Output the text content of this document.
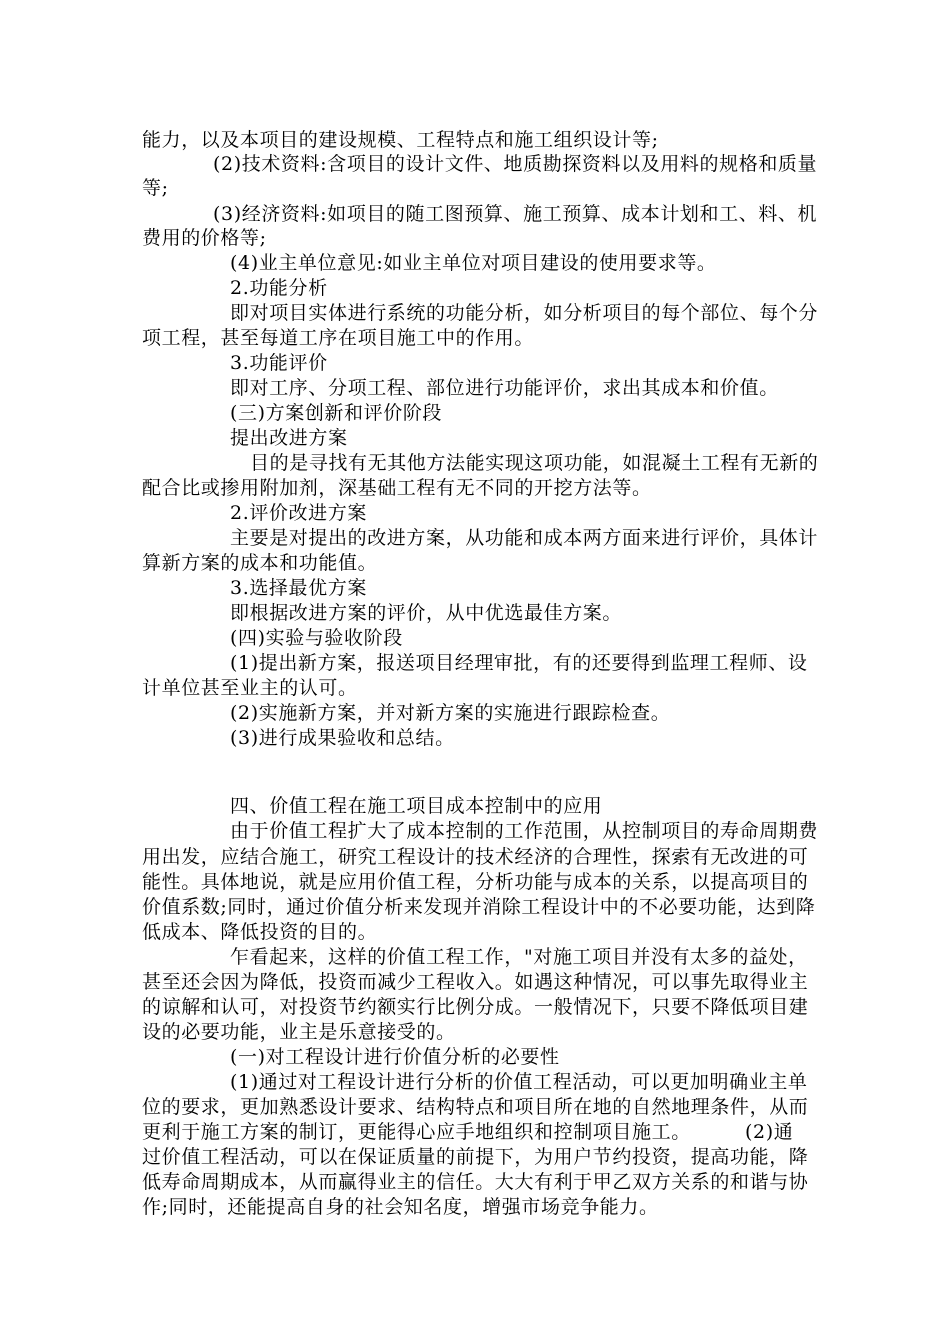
能力，以及本项目的建设规模、工程特点和施工组织设计等;
(2)技术资料:含项目的设计文件、地质勘探资料以及用料的规格和质量
等;
(3)经济资料:如项目的随工图预算、施工预算、成本计划和工、料、机
费用的价格等;
(4)业主单位意见:如业主单位对项目建设的使用要求等。
2.功能分析
即对项目实体进行系统的功能分析，如分析项目的每个部位、每个分
项工程，甚至每道工序在项目施工中的作用。
3.功能评价
即对工序、分项工程、部位进行功能评价，求出其成本和价值。
(三)方案创新和评价阶段
提出改进方案
目的是寻找有无其他方法能实现这项功能，如混凝土工程有无新的
配合比或掺用附加剂，深基础工程有无不同的开挖方法等。
2.评价改进方案
主要是对提出的改进方案，从功能和成本两方面来进行评价，具体计
算新方案的成本和功能值。
3.选择最优方案
即根据改进方案的评价，从中优选最佳方案。
(四)实验与验收阶段
(1)提出新方案，报送项目经理审批，有的还要得到监理工程师、设
计单位甚至业主的认可。
(2)实施新方案，并对新方案的实施进行跟踪检查。
(3)进行成果验收和总结。
四、价值工程在施工项目成本控制中的应用
由于价值工程扩大了成本控制的工作范围，从控制项目的寿命周期费
用出发，应结合施工，研究工程设计的技术经济的合理性，探索有无改进的可
能性。具体地说，就是应用价值工程，分析功能与成本的关系，以提高项目的
价值系数;同时，通过价值分析来发现并消除工程设计中的不必要功能，达到降
低成本、降低投资的目的。
乍看起来，这样的价值工程工作，"对施工项目并没有太多的益处，
甚至还会因为降低，投资而减少工程收入。如遇这种情况，可以事先取得业主
的谅解和认可，对投资节约额实行比例分成。一般情况下，只要不降低项目建
设的必要功能，业主是乐意接受的。
(一)对工程设计进行价值分析的必要性
(1)通过对工程设计进行分析的价值工程活动，可以更加明确业主单
位的要求，更加熟悉设计要求、结构特点和项目所在地的自然地理条件，从而
更利于施工方案的制订，更能得心应手地组织和控制项目施工。	(2)通
过价值工程活动，可以在保证质量的前提下，为用户节约投资，提高功能，降
低寿命周期成本，从而赢得业主的信任。大大有利于甲乙双方关系的和谐与协
作;同时，还能提高自身的社会知名度，增强市场竞争能力。
